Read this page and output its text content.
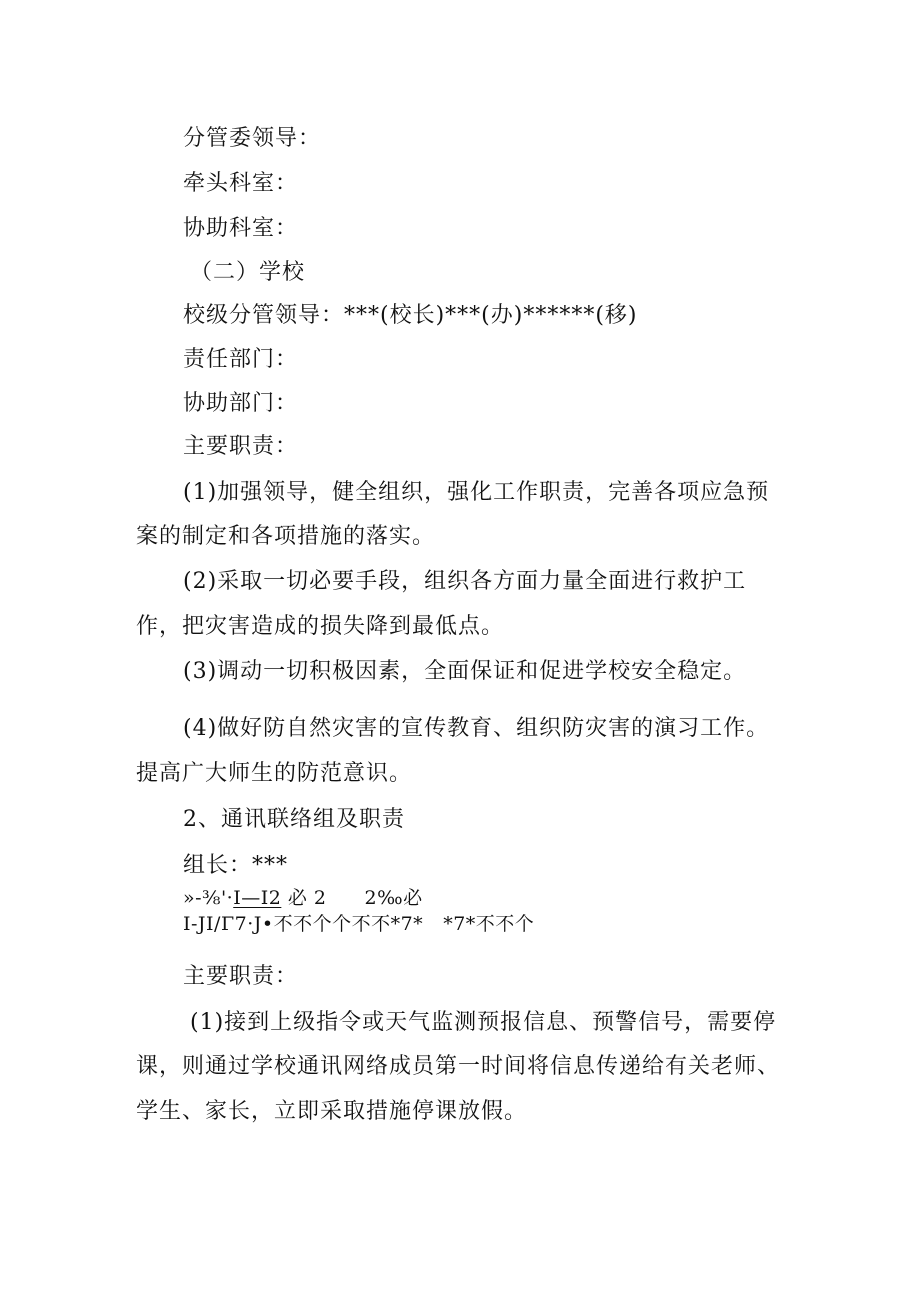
分管委领导：
牵头科室：
协助科室：
（二）学校
校级分管领导：***(校长)***(办)******(移)
责任部门：
协助部门：
主要职责：
(1)加强领导，健全组织，强化工作职责，完善各项应急预
案的制定和各项措施的落实。
(2)采取一切必要手段，组织各方面力量全面进行救护工
作，把灾害造成的损失降到最低点。
(3)调动一切积极因素，全面保证和促进学校安全稳定。
(4)做好防自然灾害的宣传教育、组织防灾害的演习工作。
提高广大师生的防范意识。
2、通讯联络组及职责
组长：***
»-⅜'·I—I2 必 2 2‰必
I-JI/Γ7·J•不不个个不不*7* *7*不不个
主要职责：
(1)接到上级指令或天气监测预报信息、预警信号，需要停
课，则通过学校通讯网络成员第一时间将信息传递给有关老师、
学生、家长，立即采取措施停课放假。
